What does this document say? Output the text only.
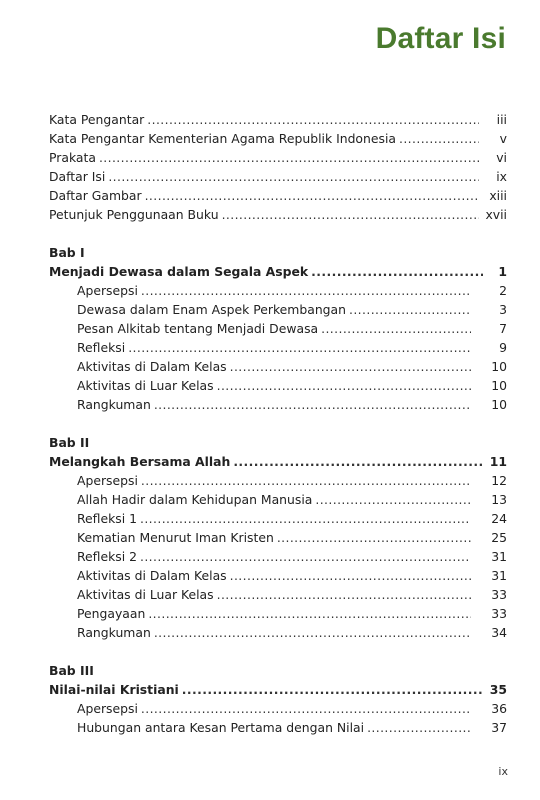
Daftar Isi
Kata Pengantar .....	iii
Kata Pengantar Kementerian Agama Republik Indonesia .....	v
Prakata .....	vi
Daftar Isi .....	ix
Daftar Gambar .....	xiii
Petunjuk Penggunaan Buku .....	xvii
Bab I
Menjadi Dewasa dalam Segala Aspek .....	1
Apersepsi .....	2
Dewasa dalam Enam Aspek Perkembangan .....	3
Pesan Alkitab tentang Menjadi Dewasa .....	7
Refleksi .....	9
Aktivitas di Dalam Kelas .....	10
Aktivitas di Luar Kelas .....	10
Rangkuman .....	10
Bab II
Melangkah Bersama Allah .....	11
Apersepsi .....	12
Allah Hadir dalam Kehidupan Manusia .....	13
Refleksi 1 .....	24
Kematian Menurut Iman Kristen .....	25
Refleksi 2 .....	31
Aktivitas di Dalam Kelas .....	31
Aktivitas di Luar Kelas .....	33
Pengayaan .....	33
Rangkuman .....	34
Bab III
Nilai-nilai Kristiani .....	35
Apersepsi .....	36
Hubungan antara Kesan Pertama dengan Nilai .....	37
ix
